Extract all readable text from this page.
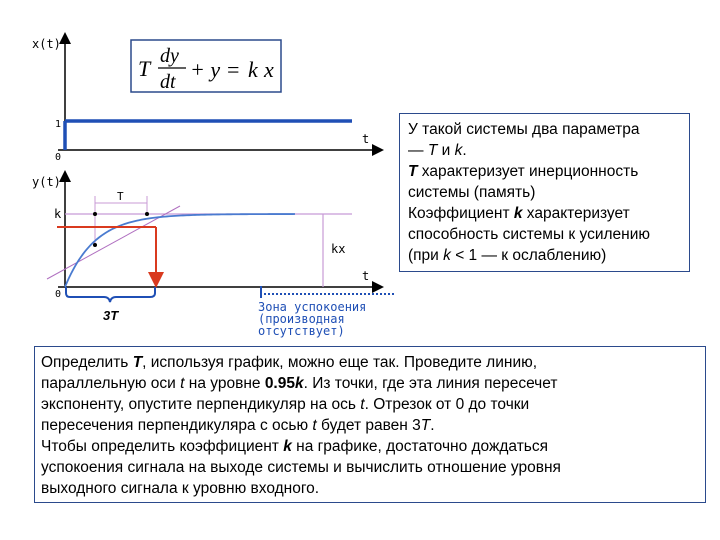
T dy
dt + y = k x
x(t)
t
1
0
y(t)
t
0
k
kx
T
3T
Зона успокоения
(производная
отсутствует)

У такой системы два параметра

— T и k.

T характеризует инерционность

системы (память)

Коэффициент k характеризует

способность системы к усилению

(при k < 1 — к ослаблению)

Определить T, используя график, можно еще так. Проведите линию,

параллельную оси t на уровне 0.95k. Из точки, где эта линия пересечет

экспоненту, опустите перпендикуляр на ось t. Отрезок от 0 до точки

пересечения перпендикуляра с осью t будет равен 3T.

Чтобы определить коэффициент k на графике, достаточно дождаться

успокоения сигнала на выходе системы и вычислить отношение уровня

выходного сигнала к уровню входного.
